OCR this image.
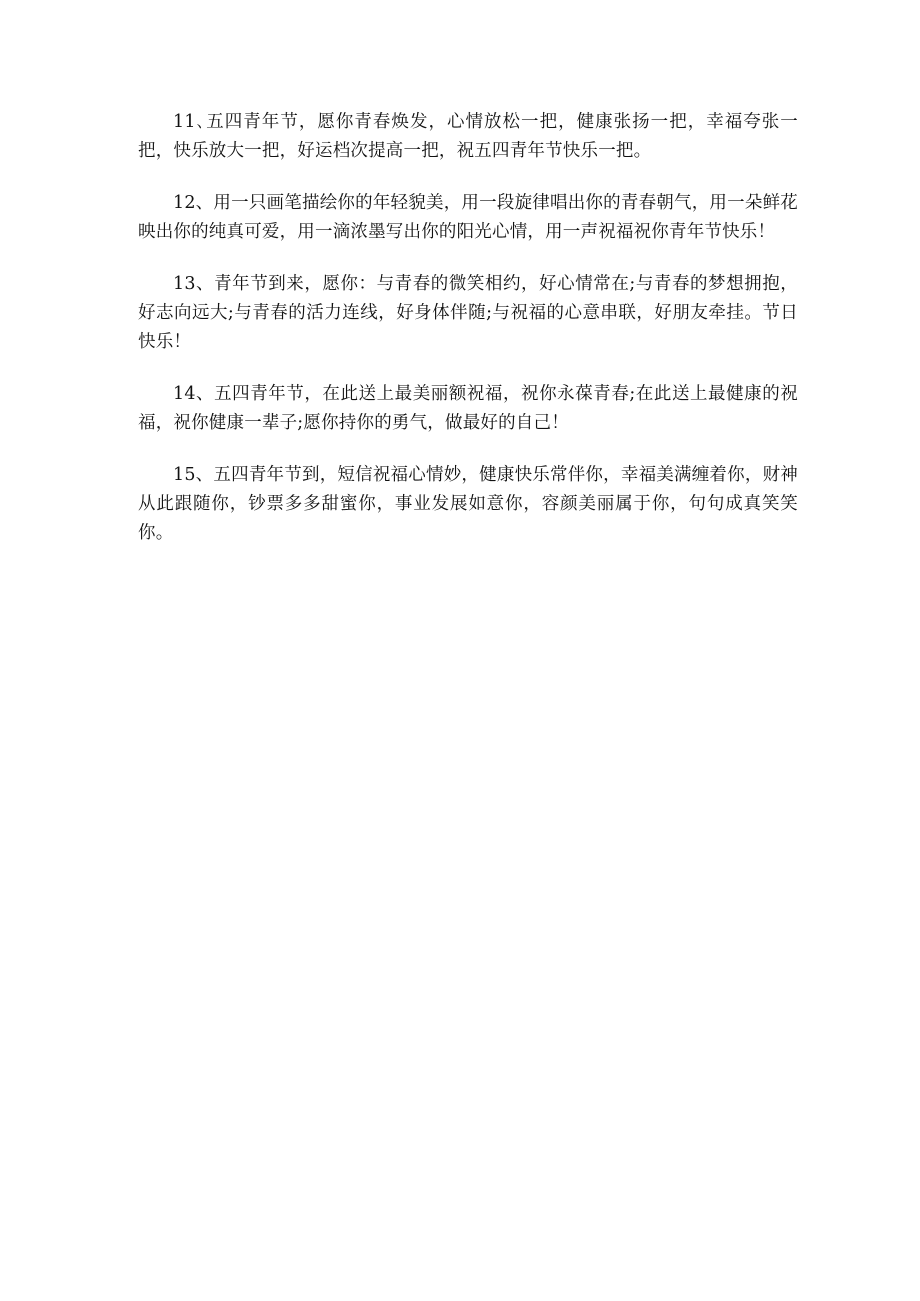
11､五四青年节，愿你青春焕发，心情放松一把，健康张扬一把，幸福夸张一把，快乐放大一把，好运档次提高一把，祝五四青年节快乐一把。

12、用一只画笔描绘你的年轻貌美，用一段旋律唱出你的青春朝气，用一朵鲜花映出你的纯真可爱，用一滴浓墨写出你的阳光心情，用一声祝福祝你青年节快乐！

13、青年节到来，愿你：与青春的微笑相约，好心情常在;与青春的梦想拥抱，好志向远大;与青春的活力连线，好身体伴随;与祝福的心意串联，好朋友牵挂。节日快乐！

14、五四青年节，在此送上最美丽额祝福，祝你永葆青春;在此送上最健康的祝福，祝你健康一辈子;愿你持你的勇气，做最好的自己！

15、五四青年节到，短信祝福心情妙，健康快乐常伴你，幸福美满缠着你，财神从此跟随你，钞票多多甜蜜你，事业发展如意你，容颜美丽属于你，句句成真笑笑你。
